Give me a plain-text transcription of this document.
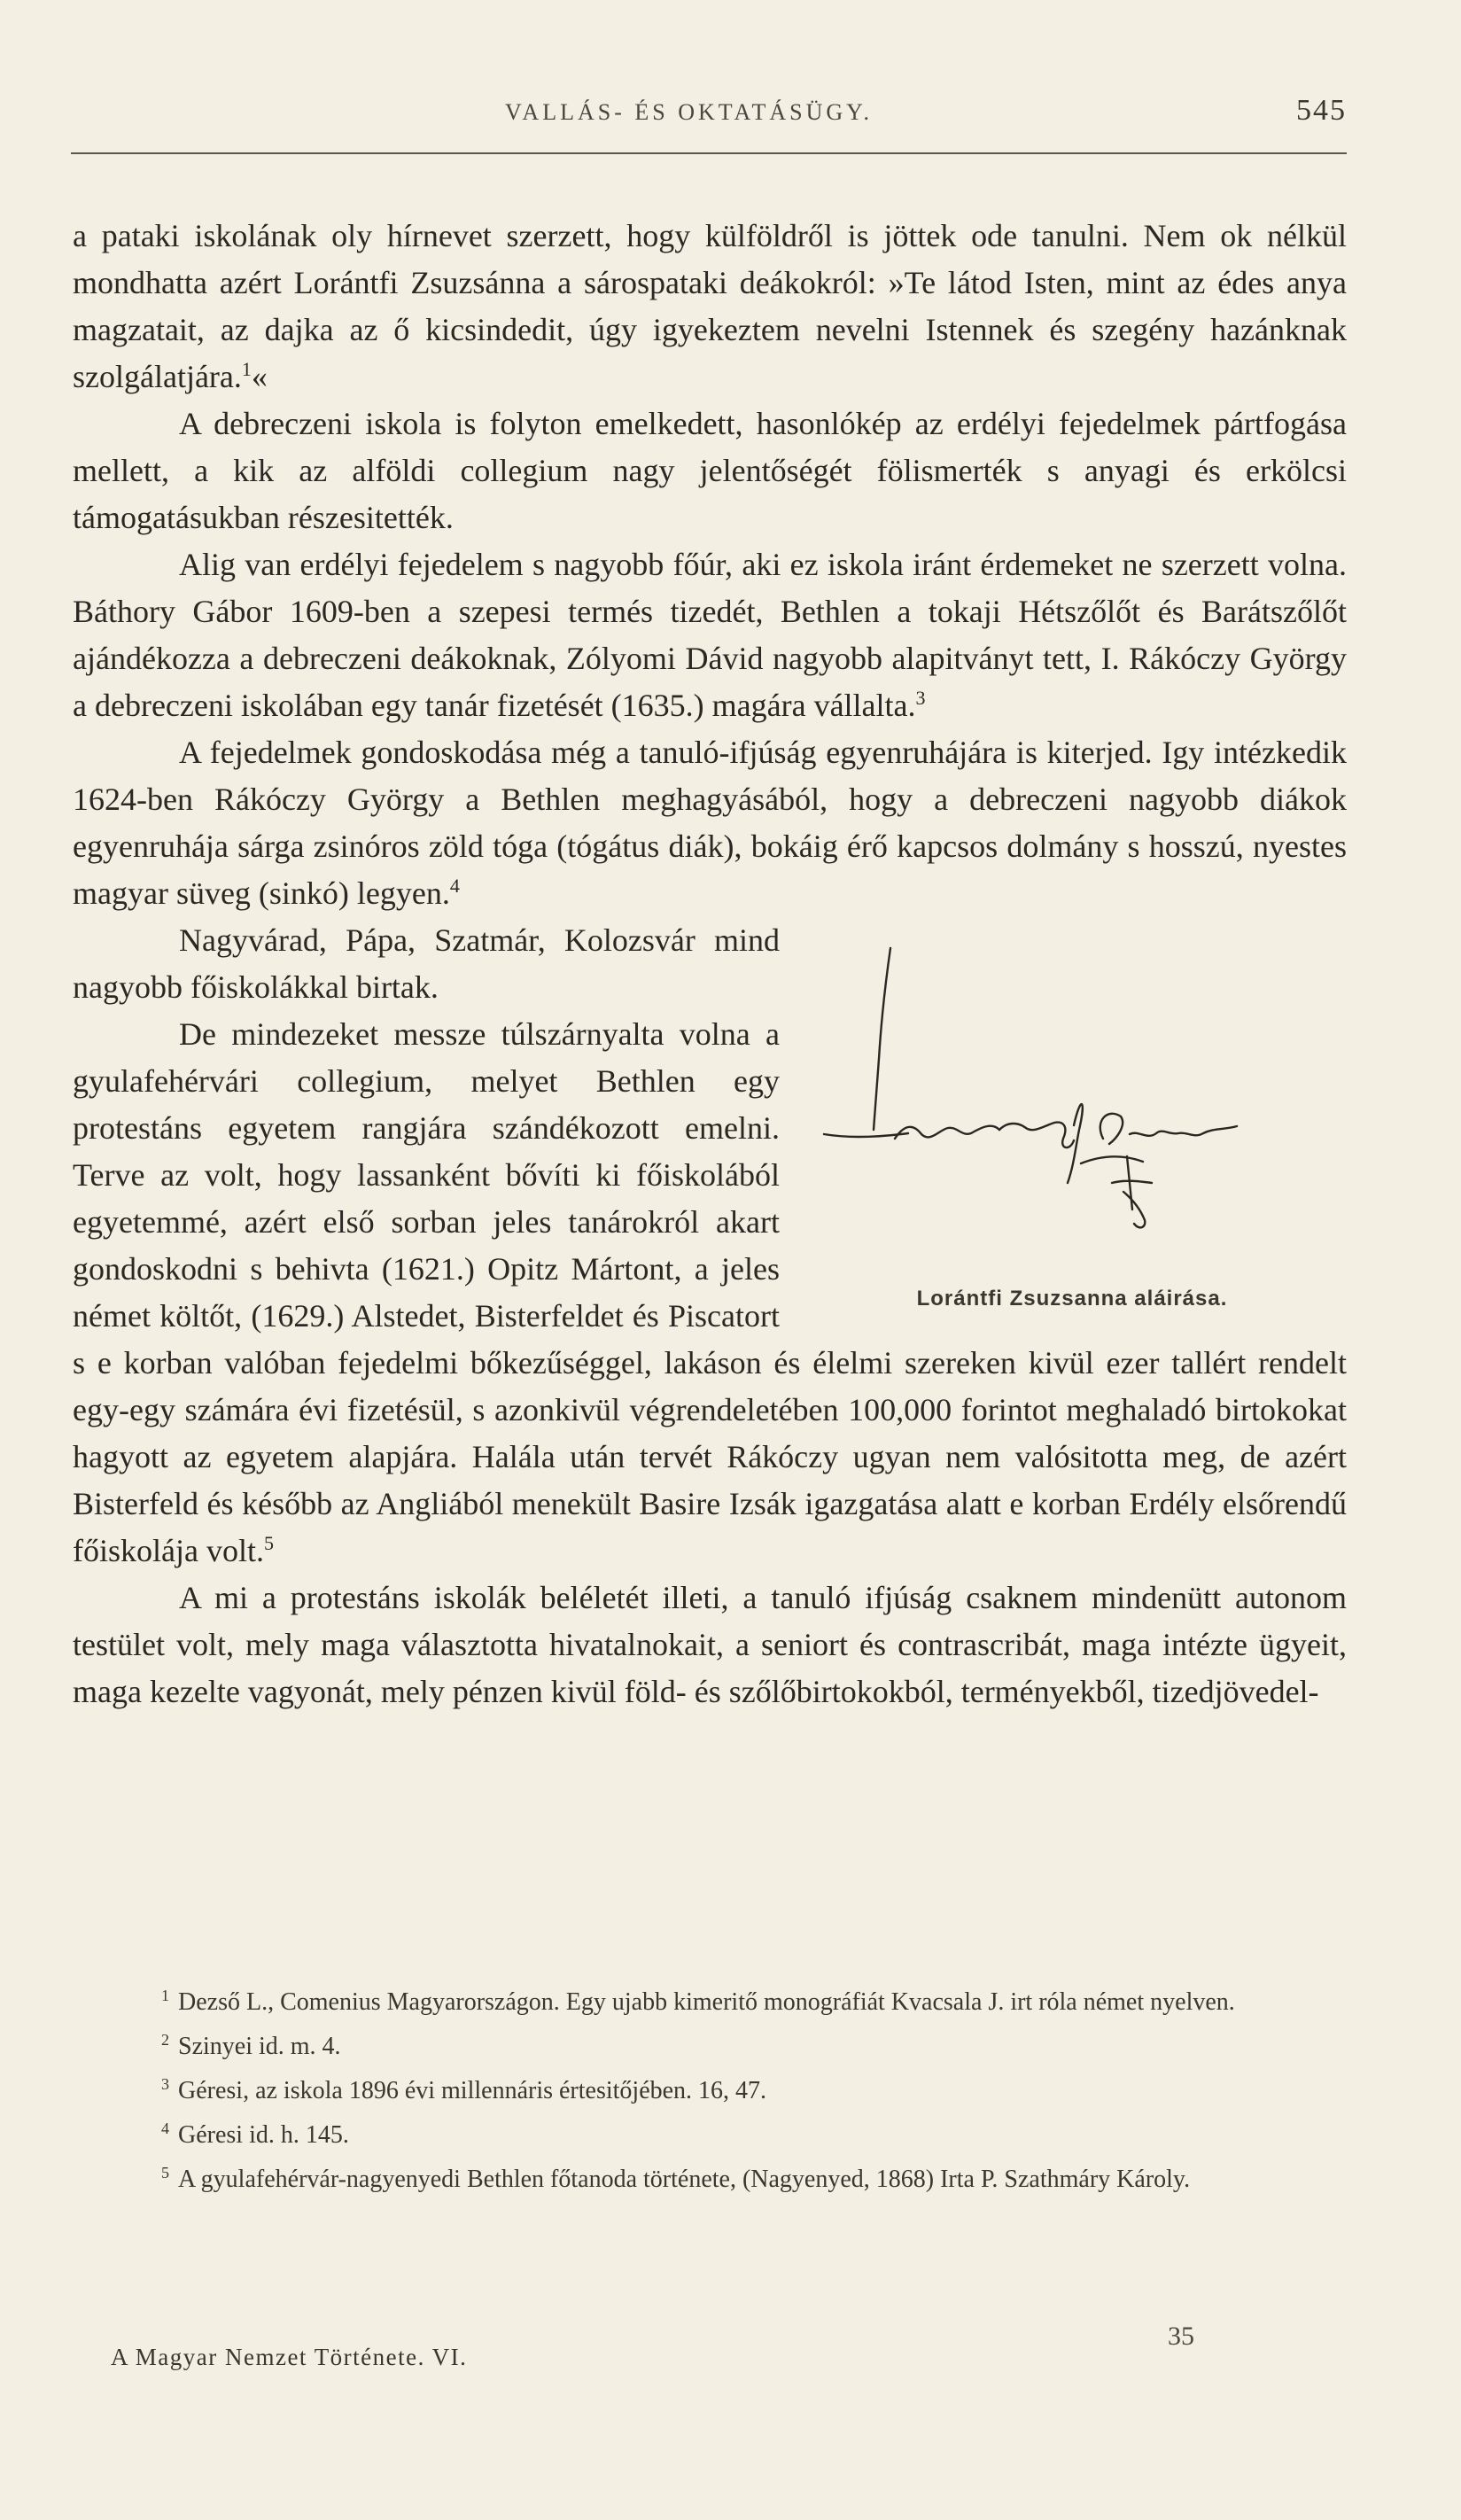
VALLÁS- ÉS OKTATÁSÜGY.	545

a pataki iskolának oly hírnevet szerzett, hogy külföldről is jöttek ode tanulni. Nem ok nélkül mondhatta azért Lorántfi Zsuzsánna a sárospataki deákokról: »Te látod Isten, mint az édes anya magzatait, az dajka az ő kicsindedit, úgy igyekeztem nevelni Istennek és szegény hazánknak szolgálatjára.$^1$«

A debreczeni iskola is folyton emelkedett, hasonlókép az erdélyi fejedelmek pártfogása mellett, a kik az alföldi collegium nagy jelentőségét fölismerték s anyagi és erkölcsi támogatásukban részesitették.

Alig van erdélyi fejedelem s nagyobb főúr, aki ez iskola iránt érdemeket ne szerzett volna. Báthory Gábor 1609-ben a szepesi termés tizedét, Bethlen a tokaji Hétszőlőt és Barátszőlőt ajándékozza a debreczeni deákoknak, Zólyomi Dávid nagyobb alapitványt tett, I. Rákóczy György a debreczeni iskolában egy tanár fizetését (1635.) magára vállalta.$^3$

A fejedelmek gondoskodása még a tanuló-ifjúság egyenruhájára is kiterjed. Igy intézkedik 1624-ben Rákóczy György a Bethlen meghagyásából, hogy a debreczeni nagyobb diákok egyenruhája sárga zsinóros zöld tóga (tógátus diák), bokáig érő kapcsos dolmány s hosszú, nyestes magyar süveg (sinkó) legyen.$^4$

Lorántfi Zsuzsanna aláirása.

Nagyvárad, Pápa, Szatmár, Kolozsvár mind nagyobb főiskolákkal birtak.

De mindezeket messze túlszárnyalta volna a gyulafehérvári collegium, melyet Bethlen egy protestáns egyetem rangjára szándékozott emelni. Terve az volt, hogy lassanként bővíti ki főiskolából egyetemmé, azért első sorban jeles tanárokról akart gondoskodni s behivta (1621.) Opitz Mártont, a jeles német költőt, (1629.) Alstedet, Bisterfeldet és Piscatort s e korban valóban fejedelmi bőkezűséggel, lakáson és élelmi szereken kivül ezer tallért rendelt egy-egy számára évi fizetésül, s azonkivül végrendeletében 100,000 forintot meghaladó birtokokat hagyott az egyetem alapjára. Halála után tervét Rákóczy ugyan nem valósitotta meg, de azért Bisterfeld és később az Angliából menekült Basire Izsák igazgatása alatt e korban Erdély elsőrendű főiskolája volt.$^5$

A mi a protestáns iskolák beléletét illeti, a tanuló ifjúság csaknem mindenütt autonom testület volt, mely maga választotta hivatalnokait, a seniort és contrascribát, maga intézte ügyeit, maga kezelte vagyonát, mely pénzen kivül föld- és szőlőbirtokokból, terményekből, tizedjövedel-

$^1$ Dezső L., Comenius Magyarországon. Egy ujabb kimeritő monográfiát Kvacsala J. irt róla német nyelven.

$^2$ Szinyei id. m. 4.

$^3$ Géresi, az iskola 1896 évi millennáris értesitőjében. 16, 47.

$^4$ Géresi id. h. 145.

$^5$ A gyulafehérvár-nagyenyedi Bethlen főtanoda története, (Nagyenyed, 1868) Irta P. Szathmáry Károly.

A Magyar Nemzet Története. VI.
35
